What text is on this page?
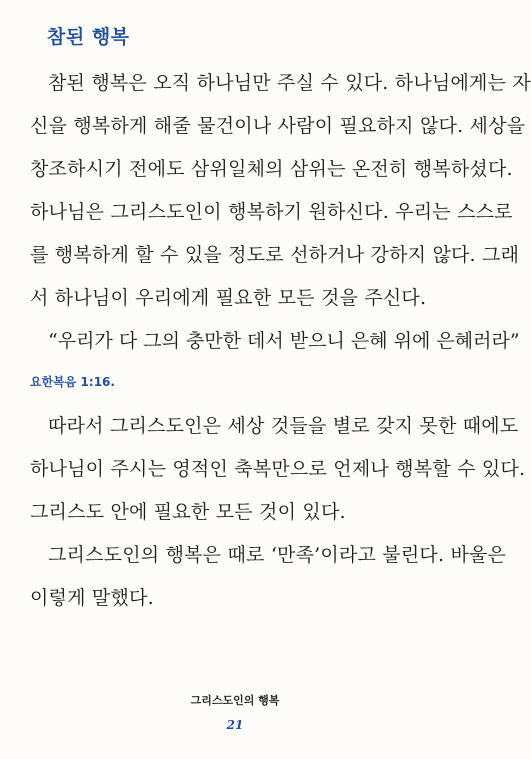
참된 행복
참된 행복은 오직 하나님만 주실 수 있다. 하나님에게는 자
신을 행복하게 해줄 물건이나 사람이 필요하지 않다. 세상을
창조하시기 전에도 삼위일체의 삼위는 온전히 행복하셨다.
하나님은 그리스도인이 행복하기 원하신다. 우리는 스스로
를 행복하게 할 수 있을 정도로 선하거나 강하지 않다. 그래
서 하나님이 우리에게 필요한 모든 것을 주신다.
“우리가 다 그의 충만한 데서 받으니 은혜 위에 은혜러라”
요한복음 1:16.
따라서 그리스도인은 세상 것들을 별로 갖지 못한 때에도
하나님이 주시는 영적인 축복만으로 언제나 행복할 수 있다.
그리스도 안에 필요한 모든 것이 있다.
그리스도인의 행복은 때로 ‘만족’이라고 불린다. 바울은
이렇게 말했다.
그리스도인의 행복
21
